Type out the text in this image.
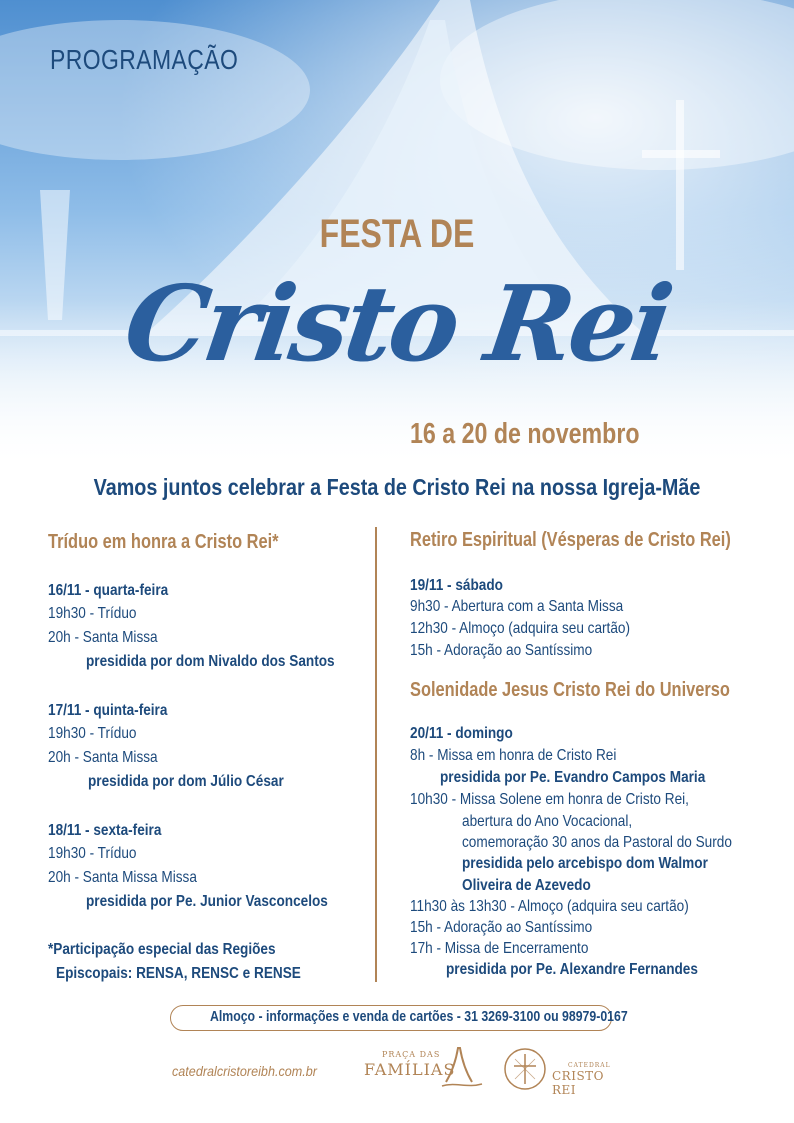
PROGRAMAÇÃO
FESTA DE
Cristo Rei
16 a 20 de novembro
Vamos juntos celebrar a Festa de Cristo Rei na nossa Igreja-Mãe
Tríduo em honra a Cristo Rei*
16/11 - quarta-feira
19h30 - Tríduo
20h - Santa Missa
presidida por dom Nivaldo dos Santos
17/11 - quinta-feira
19h30 - Tríduo
20h - Santa Missa
presidida por dom Júlio César
18/11 - sexta-feira
19h30 - Tríduo
20h - Santa Missa Missa
presidida por Pe. Junior Vasconcelos
*Participação especial das Regiões
Episcopais: RENSA, RENSC e RENSE
Retiro Espiritual (Vésperas de Cristo Rei)
19/11 - sábado
9h30 - Abertura com a Santa Missa
12h30 - Almoço (adquira seu cartão)
15h - Adoração ao Santíssimo
Solenidade Jesus Cristo Rei do Universo
20/11 - domingo
8h - Missa em honra de Cristo Rei
presidida por Pe. Evandro Campos Maria
10h30 - Missa Solene em honra de Cristo Rei,
abertura do Ano Vocacional,
comemoração 30 anos da Pastoral do Surdo
presidida pelo arcebispo dom Walmor
Oliveira de Azevedo
11h30 às 13h30 - Almoço (adquira seu cartão)
15h - Adoração ao Santíssimo
17h - Missa de Encerramento
presidida por Pe. Alexandre Fernandes
Almoço - informações e venda de cartões - 31 3269-3100 ou 98979-0167
catedralcristoreibh.com.br
PRAÇA DAS
FAMÍLIAS	CATEDRAL
CRISTO REI
